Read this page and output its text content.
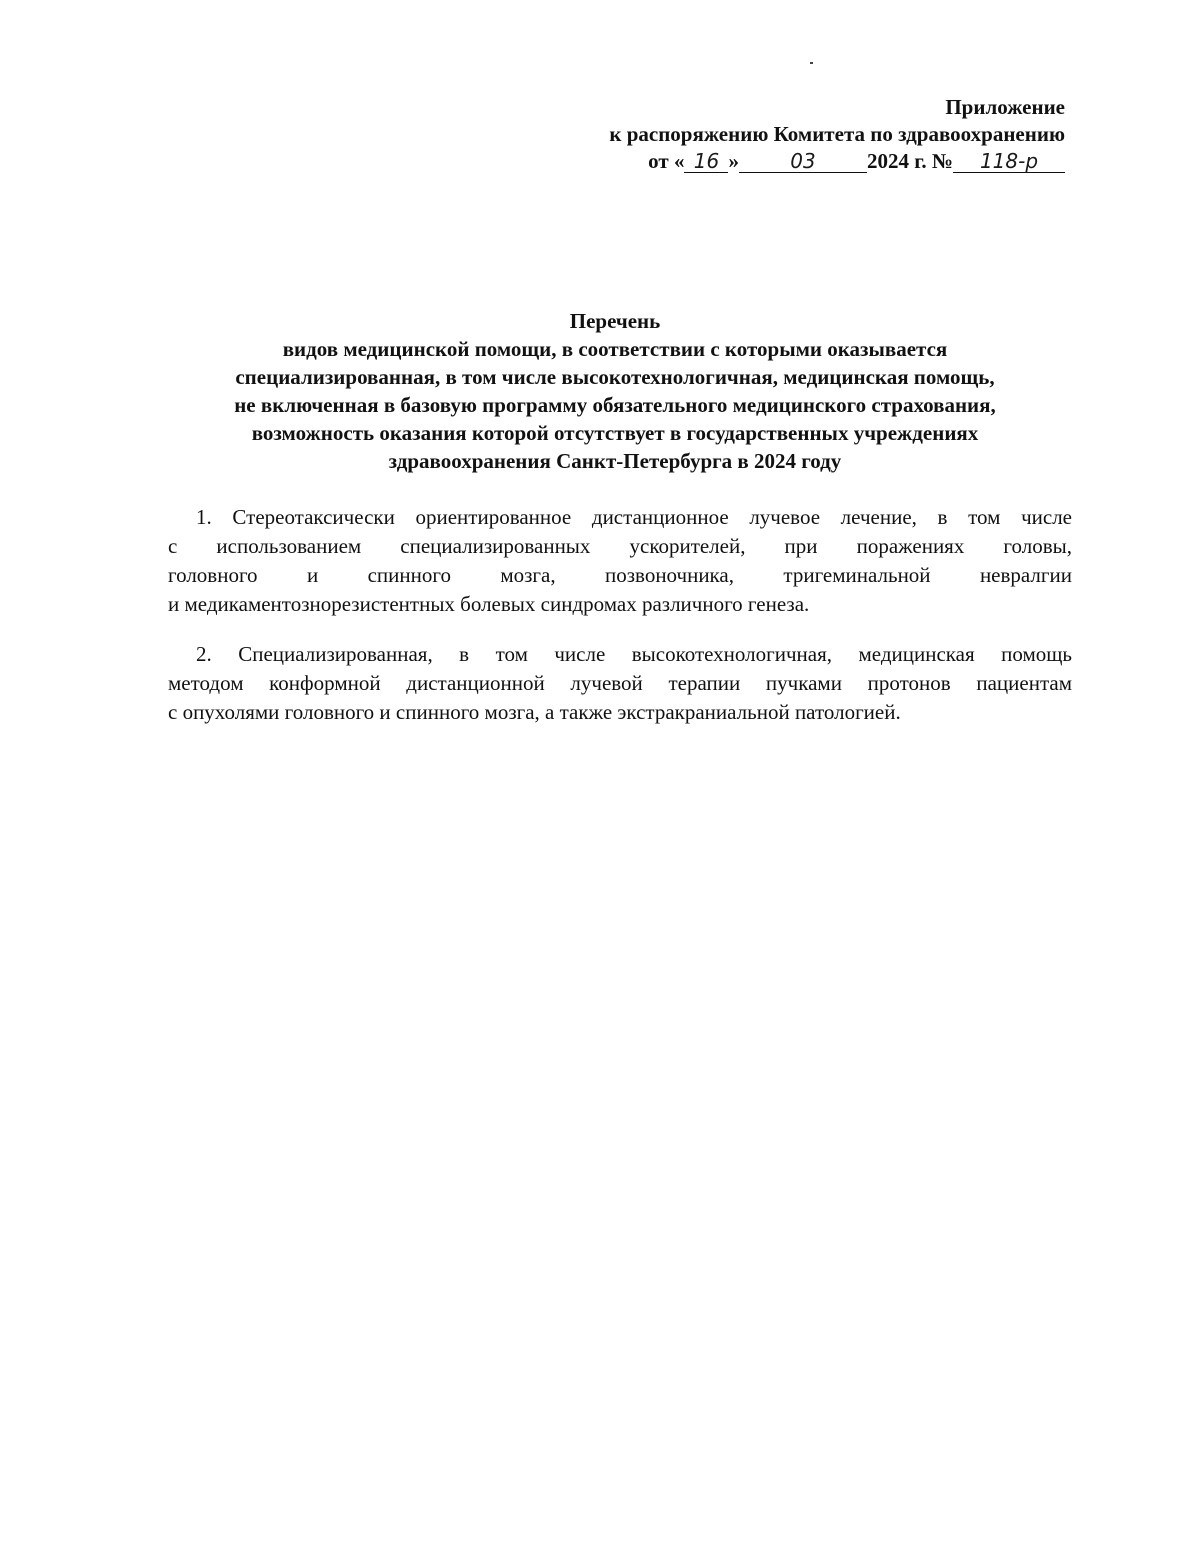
Приложение
к распоряжению Комитета по здравоохранению
от « 16 »	03 2024 г. № 118-р
Перечень
видов медицинской помощи, в соответствии с которыми оказывается
специализированная, в том числе высокотехнологичная, медицинская помощь,
не включенная в базовую программу обязательного медицинского страхования,
возможность оказания которой отсутствует в государственных учреждениях
здравоохранения Санкт-Петербурга в 2024 году
1. Стереотаксически ориентированное дистанционное лучевое лечение, в том числе
с использованием специализированных ускорителей, при поражениях головы,
головного и спинного мозга, позвоночника, тригеминальной невралгии
и медикаментознорезистентных болевых синдромах различного генеза.
2. Специализированная, в том числе высокотехнологичная, медицинская помощь
методом конформной дистанционной лучевой терапии пучками протонов пациентам
с опухолями головного и спинного мозга, а также экстракраниальной патологией.
